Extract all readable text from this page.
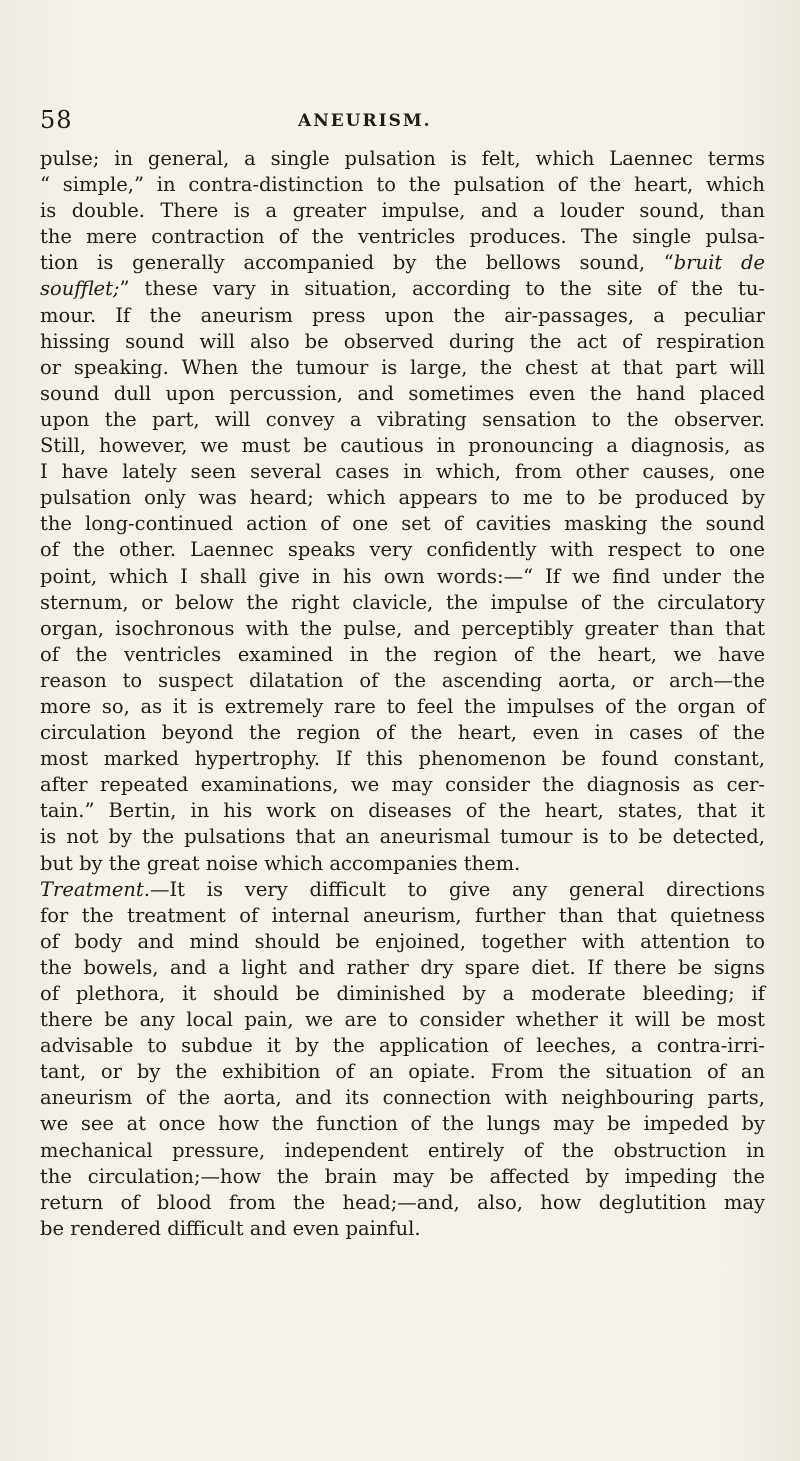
58	ANEURISM.
pulse; in general, a single pulsation is felt, which Laennec terms
“ simple,” in contra-distinction to the pulsation of the heart, which
is double. There is a greater impulse, and a louder sound, than
the mere contraction of the ventricles produces. The single pulsa-
tion is generally accompanied by the bellows sound, “bruit de
soufflet;” these vary in situation, according to the site of the tu-
mour. If the aneurism press upon the air-passages, a peculiar
hissing sound will also be observed during the act of respiration
or speaking. When the tumour is large, the chest at that part will
sound dull upon percussion, and sometimes even the hand placed
upon the part, will convey a vibrating sensation to the observer.
Still, however, we must be cautious in pronouncing a diagnosis, as
I have lately seen several cases in which, from other causes, one
pulsation only was heard; which appears to me to be produced by
the long-continued action of one set of cavities masking the sound
of the other. Laennec speaks very confidently with respect to one
point, which I shall give in his own words:—“ If we find under the
sternum, or below the right clavicle, the impulse of the circulatory
organ, isochronous with the pulse, and perceptibly greater than that
of the ventricles examined in the region of the heart, we have
reason to suspect dilatation of the ascending aorta, or arch—the
more so, as it is extremely rare to feel the impulses of the organ of
circulation beyond the region of the heart, even in cases of the
most marked hypertrophy. If this phenomenon be found constant,
after repeated examinations, we may consider the diagnosis as cer-
tain.” Bertin, in his work on diseases of the heart, states, that it
is not by the pulsations that an aneurismal tumour is to be detected,
but by the great noise which accompanies them.
Treatment.—It is very difficult to give any general directions
for the treatment of internal aneurism, further than that quietness
of body and mind should be enjoined, together with attention to
the bowels, and a light and rather dry spare diet. If there be signs
of plethora, it should be diminished by a moderate bleeding; if
there be any local pain, we are to consider whether it will be most
advisable to subdue it by the application of leeches, a contra-irri-
tant, or by the exhibition of an opiate. From the situation of an
aneurism of the aorta, and its connection with neighbouring parts,
we see at once how the function of the lungs may be impeded by
mechanical pressure, independent entirely of the obstruction in
the circulation;—how the brain may be affected by impeding the
return of blood from the head;—and, also, how deglutition may
be rendered difficult and even painful.
